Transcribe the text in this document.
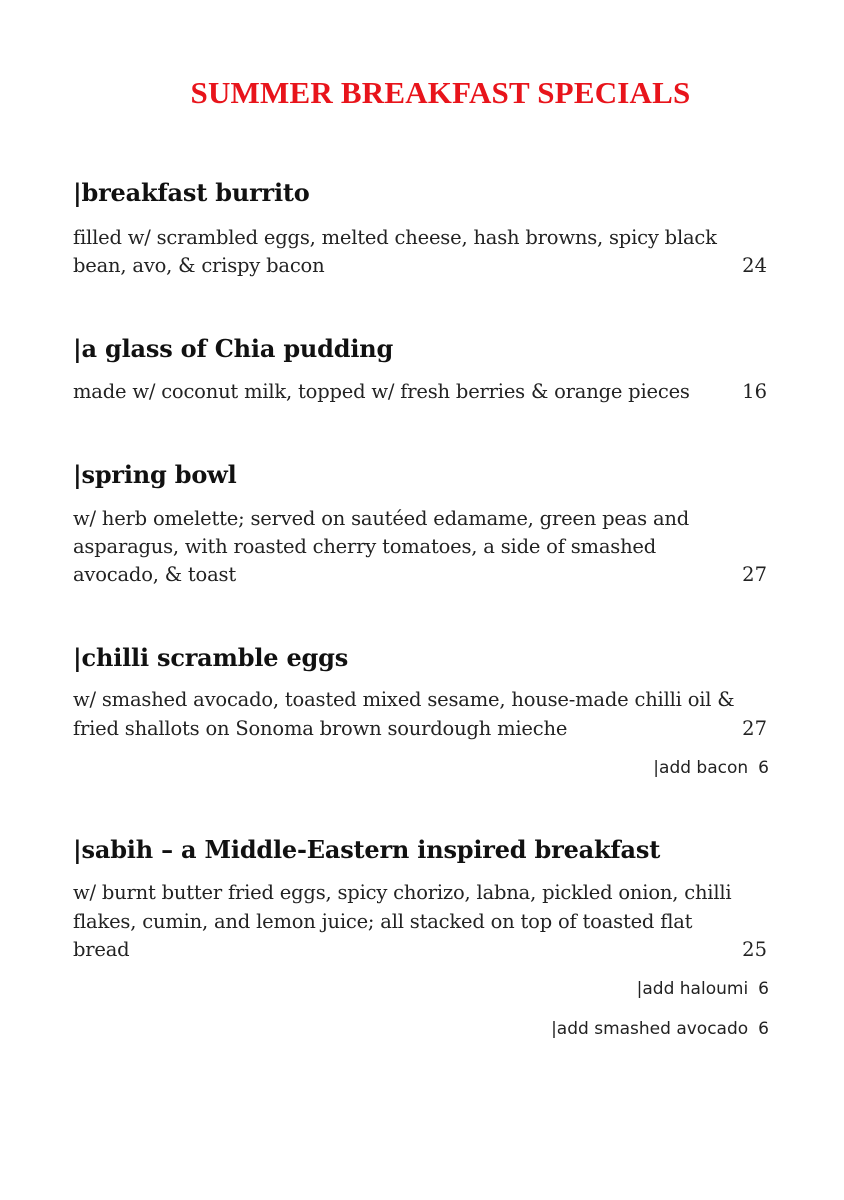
SUMMER BREAKFAST SPECIALS
|breakfast burrito
filled w/ scrambled eggs, melted cheese, hash browns, spicy black
bean, avo, & crispy bacon	24
|a glass of Chia pudding
made w/ coconut milk, topped w/ fresh berries & orange pieces	16
|spring bowl
w/ herb omelette; served on sautéed edamame, green peas and
asparagus, with roasted cherry tomatoes, a side of smashed
avocado, & toast	27
|chilli scramble eggs
w/ smashed avocado, toasted mixed sesame, house-made chilli oil &
fried shallots on Sonoma brown sourdough mieche	27
|add bacon 6
|sabih – a Middle-Eastern inspired breakfast
w/ burnt butter fried eggs, spicy chorizo, labna, pickled onion, chilli
flakes, cumin, and lemon juice; all stacked on top of toasted flat
bread	25
|add haloumi 6
|add smashed avocado 6
